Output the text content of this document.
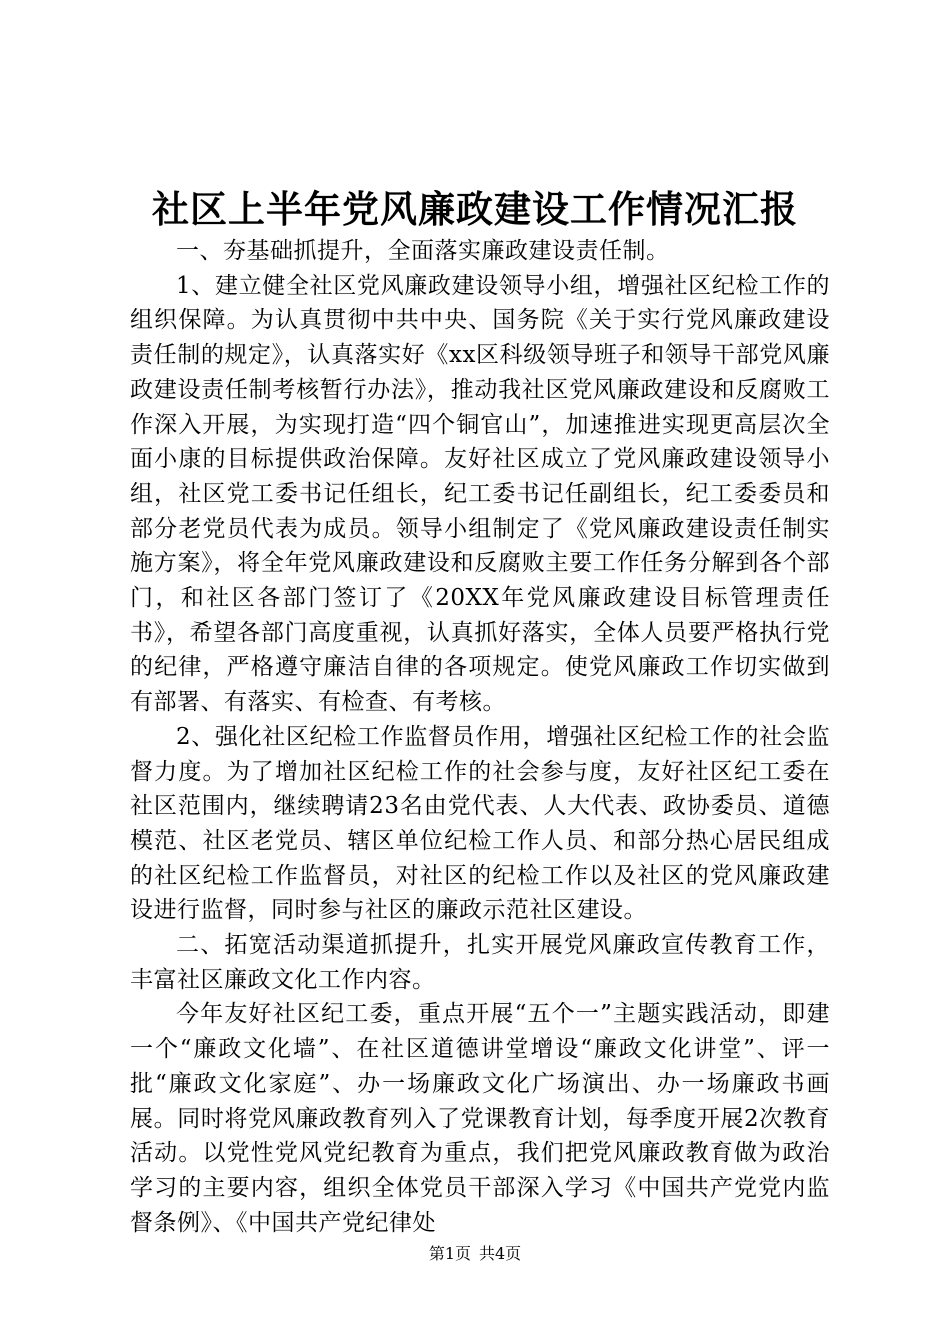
社区上半年党风廉政建设工作情况汇报

一、夯基础抓提升，全面落实廉政建设责任制。

1、建立健全社区党风廉政建设领导小组，增强社区纪检工作的组织保障。为认真贯彻中共中央、国务院《关于实行党风廉政建设责任制的规定》，认真落实好《xx区科级领导班子和领导干部党风廉政建设责任制考核暂行办法》，推动我社区党风廉政建设和反腐败工作深入开展，为实现打造“四个铜官山”，加速推进实现更高层次全面小康的目标提供政治保障。友好社区成立了党风廉政建设领导小组，社区党工委书记任组长，纪工委书记任副组长，纪工委委员和部分老党员代表为成员。领导小组制定了《党风廉政建设责任制实施方案》，将全年党风廉政建设和反腐败主要工作任务分解到各个部门，和社区各部门签订了《20XX年党风廉政建设目标管理责任书》，希望各部门高度重视，认真抓好落实，全体人员要严格执行党的纪律，严格遵守廉洁自律的各项规定。使党风廉政工作切实做到有部署、有落实、有检查、有考核。

2、强化社区纪检工作监督员作用，增强社区纪检工作的社会监督力度。为了增加社区纪检工作的社会参与度，友好社区纪工委在社区范围内，继续聘请23名由党代表、人大代表、政协委员、道德模范、社区老党员、辖区单位纪检工作人员、和部分热心居民组成的社区纪检工作监督员，对社区的纪检工作以及社区的党风廉政建设进行监督，同时参与社区的廉政示范社区建设。

二、拓宽活动渠道抓提升，扎实开展党风廉政宣传教育工作，丰富社区廉政文化工作内容。

今年友好社区纪工委，重点开展“五个一”主题实践活动，即建一个“廉政文化墙”、在社区道德讲堂增设“廉政文化讲堂”、评一批“廉政文化家庭”、办一场廉政文化广场演出、办一场廉政书画展。同时将党风廉政教育列入了党课教育计划，每季度开展2次教育活动。以党性党风党纪教育为重点，我们把党风廉政教育做为政治学习的主要内容，组织全体党员干部深入学习《中国共产党党内监督条例》、《中国共产党纪律处

第1页 共4页
